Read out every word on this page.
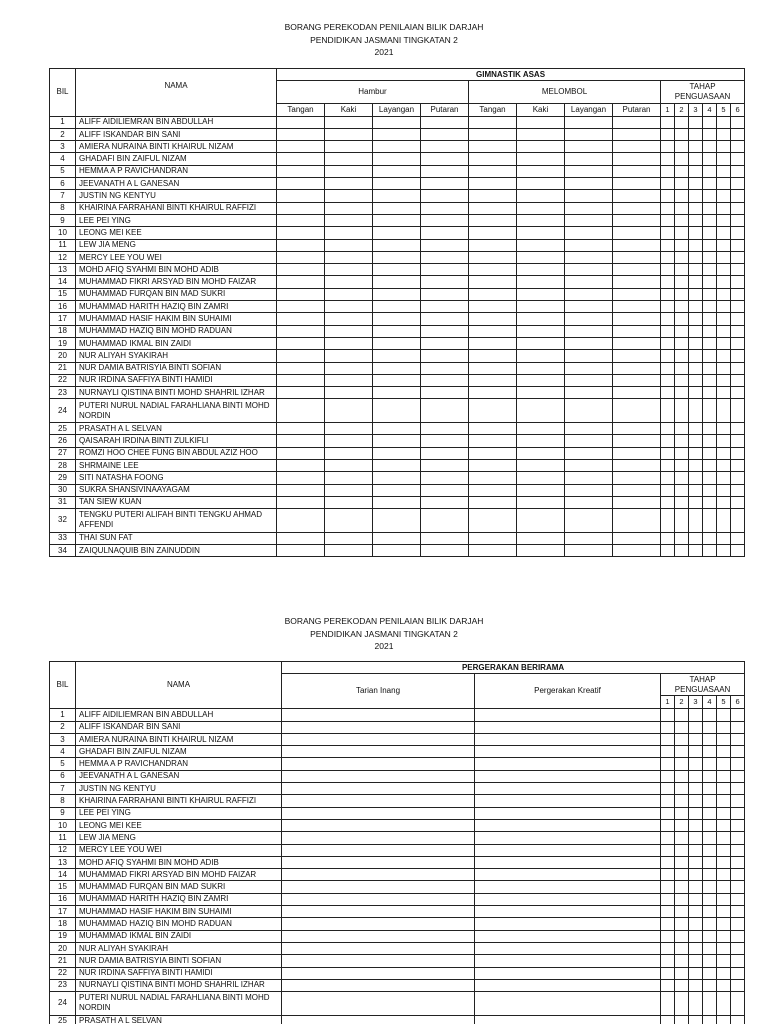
BORANG PEREKODAN PENILAIAN BILIK DARJAH
PENDIDIKAN JASMANI TINGKATAN 2
2021
BIL	NAMA	GIMNASTIK ASAS													
		Hambur				MELOMBOL				TAHAP PENGUASAAN					
		Tangan	Kaki	Layangan	Putaran	Tangan	Kaki	Layangan	Putaran	1	2	3	4	5	6
1	ALIFF AIDILIEMRAN BIN ABDULLAH														
2	ALIFF ISKANDAR BIN SANI														
3	AMIERA NURAINA BINTI KHAIRUL NIZAM														
4	GHADAFI BIN ZAIFUL NIZAM														
5	HEMMA A P RAVICHANDRAN														
6	JEEVANATH A L GANESAN														
7	JUSTIN NG KENTYU														
8	KHAIRINA FARRAHANI BINTI KHAIRUL RAFFIZI														
9	LEE PEI YING														
10	LEONG MEI KEE														
11	LEW JIA MENG														
12	MERCY LEE YOU WEI														
13	MOHD AFIQ SYAHMI BIN MOHD ADIB														
14	MUHAMMAD FIKRI ARSYAD BIN MOHD FAIZAR														
15	MUHAMMAD FURQAN BIN MAD SUKRI														
16	MUHAMMAD HARITH HAZIQ BIN ZAMRI														
17	MUHAMMAD HASIF HAKIM BIN SUHAIMI														
18	MUHAMMAD HAZIQ BIN MOHD RADUAN														
19	MUHAMMAD IKMAL BIN ZAIDI														
20	NUR ALIYAH SYAKIRAH														
21	NUR DAMIA BATRISYIA BINTI SOFIAN														
22	NUR IRDINA SAFFIYA BINTI HAMIDI														
23	NURNAYLI QISTINA BINTI MOHD SHAHRIL IZHAR														
24	PUTERI NURUL NADIAL FARAHLIANA BINTI MOHD NORDIN														
25	PRASATH A L SELVAN														
26	QAISARAH IRDINA BINTI ZULKIFLI														
27	ROMZI HOO CHEE FUNG BIN ABDUL AZIZ HOO														
28	SHRMAINE LEE														
29	SITI NATASHA FOONG														
30	SUKRA SHANSIVINAAYAGAM														
31	TAN SIEW KUAN														
32	TENGKU PUTERI ALIFAH BINTI TENGKU AHMAD AFFENDI														
33	THAI SUN FAT														
34	ZAIQULNAQUIB BIN ZAINUDDIN														
BORANG PEREKODAN PENILAIAN BILIK DARJAH
PENDIDIKAN JASMANI TINGKATAN 2
2021
BIL	NAMA	PERGERAKAN BERIRAMA							
		Tarian Inang	Pergerakan Kreatif	TAHAP PENGUASAAN					
				1	2	3	4	5	6
1	ALIFF AIDILIEMRAN BIN ABDULLAH								
2	ALIFF ISKANDAR BIN SANI								
3	AMIERA NURAINA BINTI KHAIRUL NIZAM								
4	GHADAFI BIN ZAIFUL NIZAM								
5	HEMMA A P RAVICHANDRAN								
6	JEEVANATH A L GANESAN								
7	JUSTIN NG KENTYU								
8	KHAIRINA FARRAHANI BINTI KHAIRUL RAFFIZI								
9	LEE PEI YING								
10	LEONG MEI KEE								
11	LEW JIA MENG								
12	MERCY LEE YOU WEI								
13	MOHD AFIQ SYAHMI BIN MOHD ADIB								
14	MUHAMMAD FIKRI ARSYAD BIN MOHD FAIZAR								
15	MUHAMMAD FURQAN BIN MAD SUKRI								
16	MUHAMMAD HARITH HAZIQ BIN ZAMRI								
17	MUHAMMAD HASIF HAKIM BIN SUHAIMI								
18	MUHAMMAD HAZIQ BIN MOHD RADUAN								
19	MUHAMMAD IKMAL BIN ZAIDI								
20	NUR ALIYAH SYAKIRAH								
21	NUR DAMIA BATRISYIA BINTI SOFIAN								
22	NUR IRDINA SAFFIYA BINTI HAMIDI								
23	NURNAYLI QISTINA BINTI MOHD SHAHRIL IZHAR								
24	PUTERI NURUL NADIAL FARAHLIANA BINTI MOHD NORDIN								
25	PRASATH A L SELVAN								
